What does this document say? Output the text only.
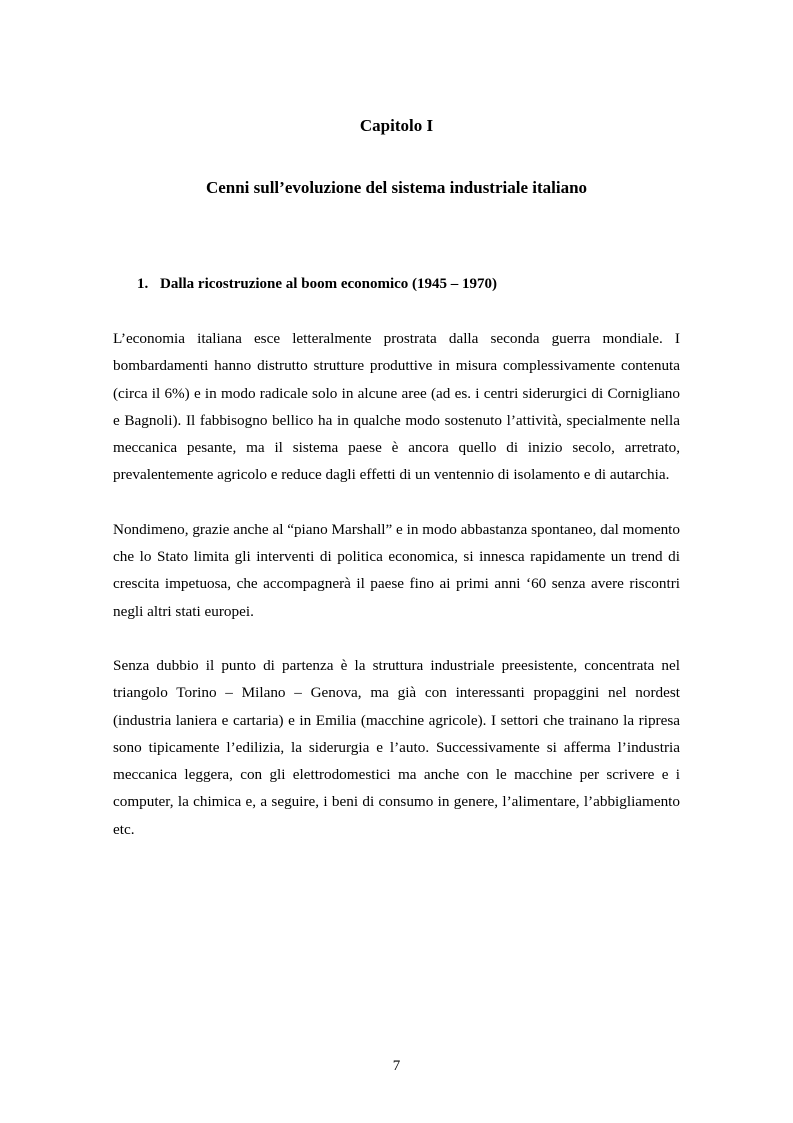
Capitolo I
Cenni sull’evoluzione del sistema industriale italiano
1. Dalla ricostruzione al boom economico (1945 – 1970)

L’economia italiana esce letteralmente prostrata dalla seconda guerra mondiale. I bombardamenti hanno distrutto strutture produttive in misura complessivamente contenuta (circa il 6%) e in modo radicale solo in alcune aree (ad es. i centri siderurgici di Cornigliano e Bagnoli). Il fabbisogno bellico ha in qualche modo sostenuto l’attività, specialmente nella meccanica pesante, ma il sistema paese è ancora quello di inizio secolo, arretrato, prevalentemente agricolo e reduce dagli effetti di un ventennio di isolamento e di autarchia.

Nondimeno, grazie anche al “piano Marshall” e in modo abbastanza spontaneo, dal momento che lo Stato limita gli interventi di politica economica, si innesca rapidamente un trend di crescita impetuosa, che accompagnerà il paese fino ai primi anni ‘60 senza avere riscontri negli altri stati europei.

Senza dubbio il punto di partenza è la struttura industriale preesistente, concentrata nel triangolo Torino – Milano – Genova, ma già con interessanti propaggini nel nordest (industria laniera e cartaria) e in Emilia (macchine agricole). I settori che trainano la ripresa sono tipicamente l’edilizia, la siderurgia e l’auto. Successivamente si afferma l’industria meccanica leggera, con gli elettrodomestici ma anche con le macchine per scrivere e i computer, la chimica e, a seguire, i beni di consumo in genere, l’alimentare, l’abbigliamento etc.

7
